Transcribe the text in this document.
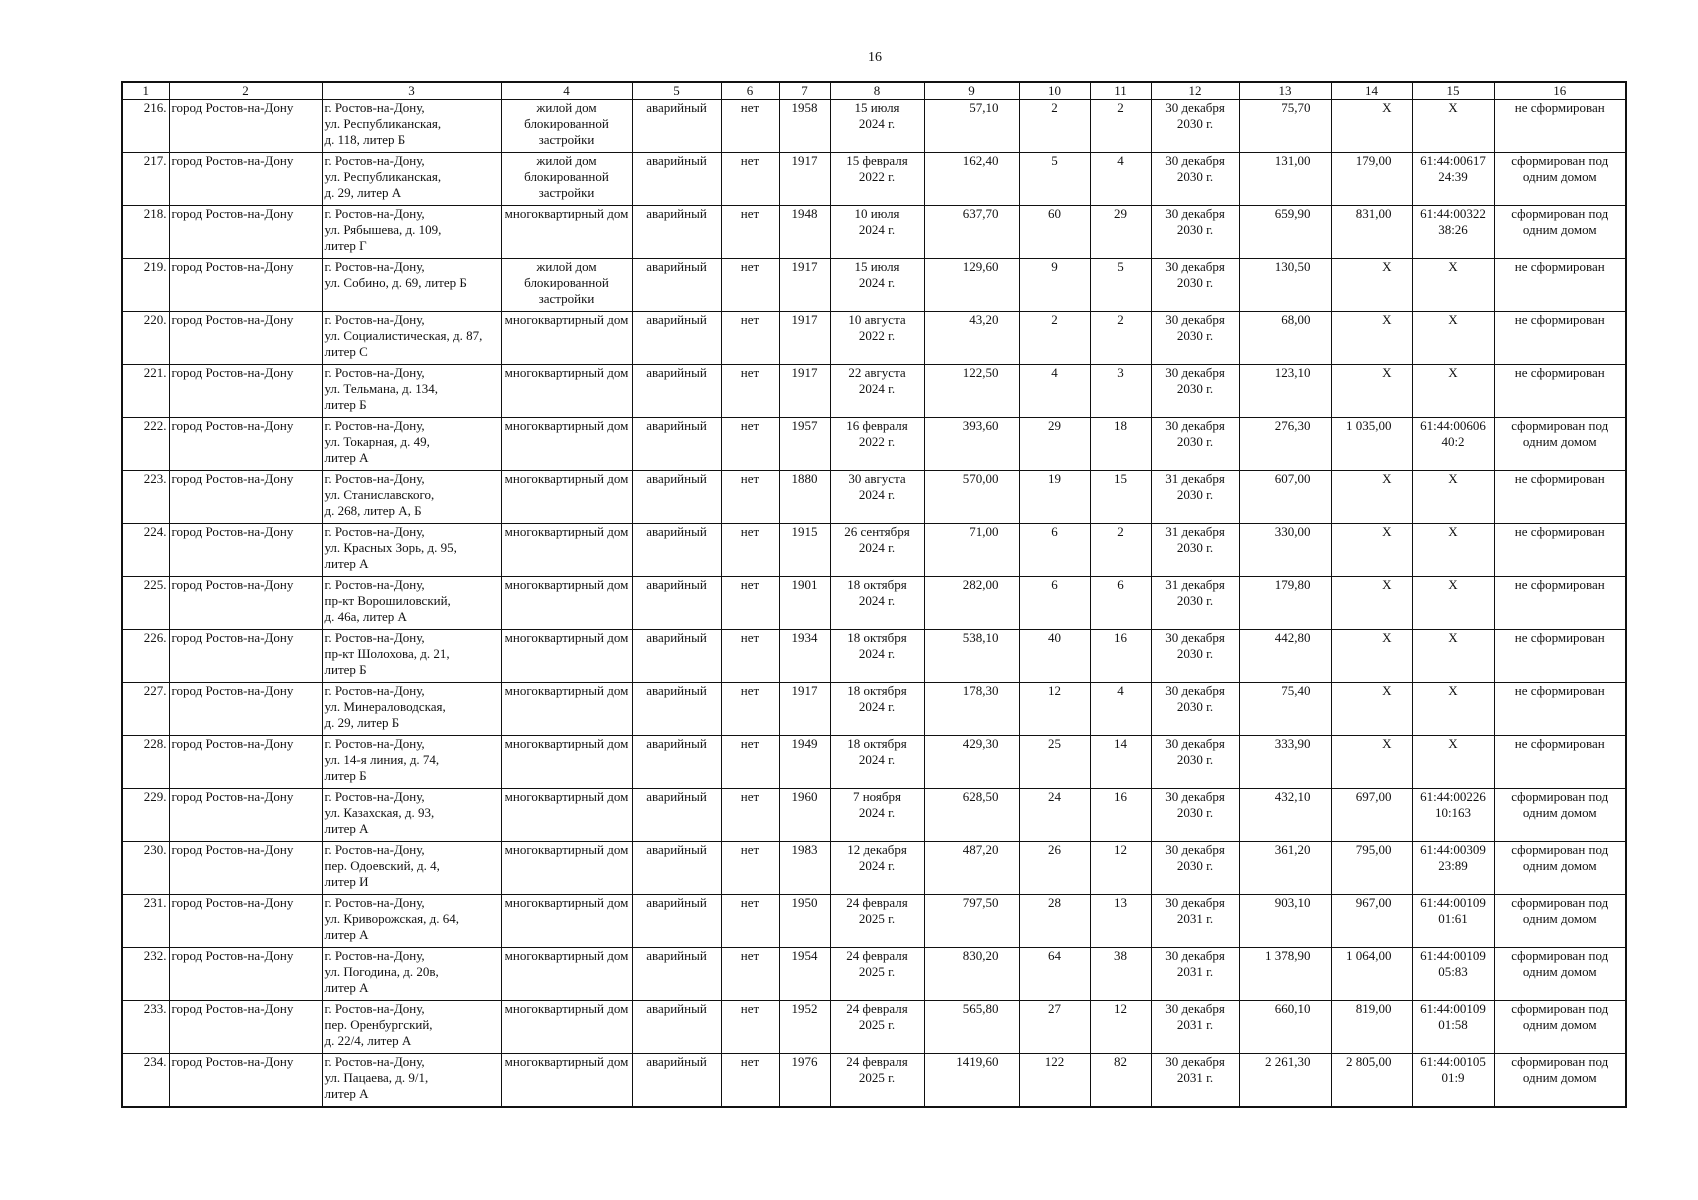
16
1	2	3	4	5	6	7	8	9	10	11	12	13	14	15	16
216.	город Ростов-на-Дону	г. Ростов-на-Дону,
ул. Республиканская,
д. 118, литер Б	жилой дом блокированной застройки	аварийный	нет	1958	15 июля
2024 г.	57,10	2	2	30 декабря
2030 г.	75,70	X	X	не сформирован
217.	город Ростов-на-Дону	г. Ростов-на-Дону,
ул. Республиканская,
д. 29, литер А	жилой дом блокированной застройки	аварийный	нет	1917	15 февраля
2022 г.	162,40	5	4	30 декабря
2030 г.	131,00	179,00	61:44:00617
24:39	сформирован под одним домом
218.	город Ростов-на-Дону	г. Ростов-на-Дону,
ул. Рябышева, д. 109,
литер Г	многоквартирный дом	аварийный	нет	1948	10 июля
2024 г.	637,70	60	29	30 декабря
2030 г.	659,90	831,00	61:44:00322
38:26	сформирован под одним домом
219.	город Ростов-на-Дону	г. Ростов-на-Дону,
ул. Собино, д. 69, литер Б	жилой дом блокированной застройки	аварийный	нет	1917	15 июля
2024 г.	129,60	9	5	30 декабря
2030 г.	130,50	X	X	не сформирован
220.	город Ростов-на-Дону	г. Ростов-на-Дону,
ул. Социалистическая, д. 87,
литер С	многоквартирный дом	аварийный	нет	1917	10 августа
2022 г.	43,20	2	2	30 декабря
2030 г.	68,00	X	X	не сформирован
221.	город Ростов-на-Дону	г. Ростов-на-Дону,
ул. Тельмана, д. 134,
литер Б	многоквартирный дом	аварийный	нет	1917	22 августа
2024 г.	122,50	4	3	30 декабря
2030 г.	123,10	X	X	не сформирован
222.	город Ростов-на-Дону	г. Ростов-на-Дону,
ул. Токарная, д. 49,
литер А	многоквартирный дом	аварийный	нет	1957	16 февраля
2022 г.	393,60	29	18	30 декабря
2030 г.	276,30	1 035,00	61:44:00606
40:2	сформирован под одним домом
223.	город Ростов-на-Дону	г. Ростов-на-Дону,
ул. Станиславского,
д. 268, литер А, Б	многоквартирный дом	аварийный	нет	1880	30 августа
2024 г.	570,00	19	15	31 декабря
2030 г.	607,00	X	X	не сформирован
224.	город Ростов-на-Дону	г. Ростов-на-Дону,
ул. Красных Зорь, д. 95,
литер А	многоквартирный дом	аварийный	нет	1915	26 сентября
2024 г.	71,00	6	2	31 декабря
2030 г.	330,00	X	X	не сформирован
225.	город Ростов-на-Дону	г. Ростов-на-Дону,
пр-кт Ворошиловский,
д. 46а, литер А	многоквартирный дом	аварийный	нет	1901	18 октября
2024 г.	282,00	6	6	31 декабря
2030 г.	179,80	X	X	не сформирован
226.	город Ростов-на-Дону	г. Ростов-на-Дону,
пр-кт Шолохова, д. 21,
литер Б	многоквартирный дом	аварийный	нет	1934	18 октября
2024 г.	538,10	40	16	30 декабря
2030 г.	442,80	X	X	не сформирован
227.	город Ростов-на-Дону	г. Ростов-на-Дону,
ул. Минераловодская,
д. 29, литер Б	многоквартирный дом	аварийный	нет	1917	18 октября
2024 г.	178,30	12	4	30 декабря
2030 г.	75,40	X	X	не сформирован
228.	город Ростов-на-Дону	г. Ростов-на-Дону,
ул. 14-я линия, д. 74,
литер Б	многоквартирный дом	аварийный	нет	1949	18 октября
2024 г.	429,30	25	14	30 декабря
2030 г.	333,90	X	X	не сформирован
229.	город Ростов-на-Дону	г. Ростов-на-Дону,
ул. Казахская, д. 93,
литер А	многоквартирный дом	аварийный	нет	1960	7 ноября
2024 г.	628,50	24	16	30 декабря
2030 г.	432,10	697,00	61:44:00226
10:163	сформирован под одним домом
230.	город Ростов-на-Дону	г. Ростов-на-Дону,
пер. Одоевский, д. 4,
литер И	многоквартирный дом	аварийный	нет	1983	12 декабря
2024 г.	487,20	26	12	30 декабря
2030 г.	361,20	795,00	61:44:00309
23:89	сформирован под одним домом
231.	город Ростов-на-Дону	г. Ростов-на-Дону,
ул. Криворожская, д. 64,
литер А	многоквартирный дом	аварийный	нет	1950	24 февраля
2025 г.	797,50	28	13	30 декабря
2031 г.	903,10	967,00	61:44:00109
01:61	сформирован под одним домом
232.	город Ростов-на-Дону	г. Ростов-на-Дону,
ул. Погодина, д. 20в,
литер А	многоквартирный дом	аварийный	нет	1954	24 февраля
2025 г.	830,20	64	38	30 декабря
2031 г.	1 378,90	1 064,00	61:44:00109
05:83	сформирован под одним домом
233.	город Ростов-на-Дону	г. Ростов-на-Дону,
пер. Оренбургский,
д. 22/4, литер А	многоквартирный дом	аварийный	нет	1952	24 февраля
2025 г.	565,80	27	12	30 декабря
2031 г.	660,10	819,00	61:44:00109
01:58	сформирован под одним домом
234.	город Ростов-на-Дону	г. Ростов-на-Дону,
ул. Пацаева, д. 9/1,
литер А	многоквартирный дом	аварийный	нет	1976	24 февраля
2025 г.	1419,60	122	82	30 декабря
2031 г.	2 261,30	2 805,00	61:44:00105
01:9	сформирован под одним домом
